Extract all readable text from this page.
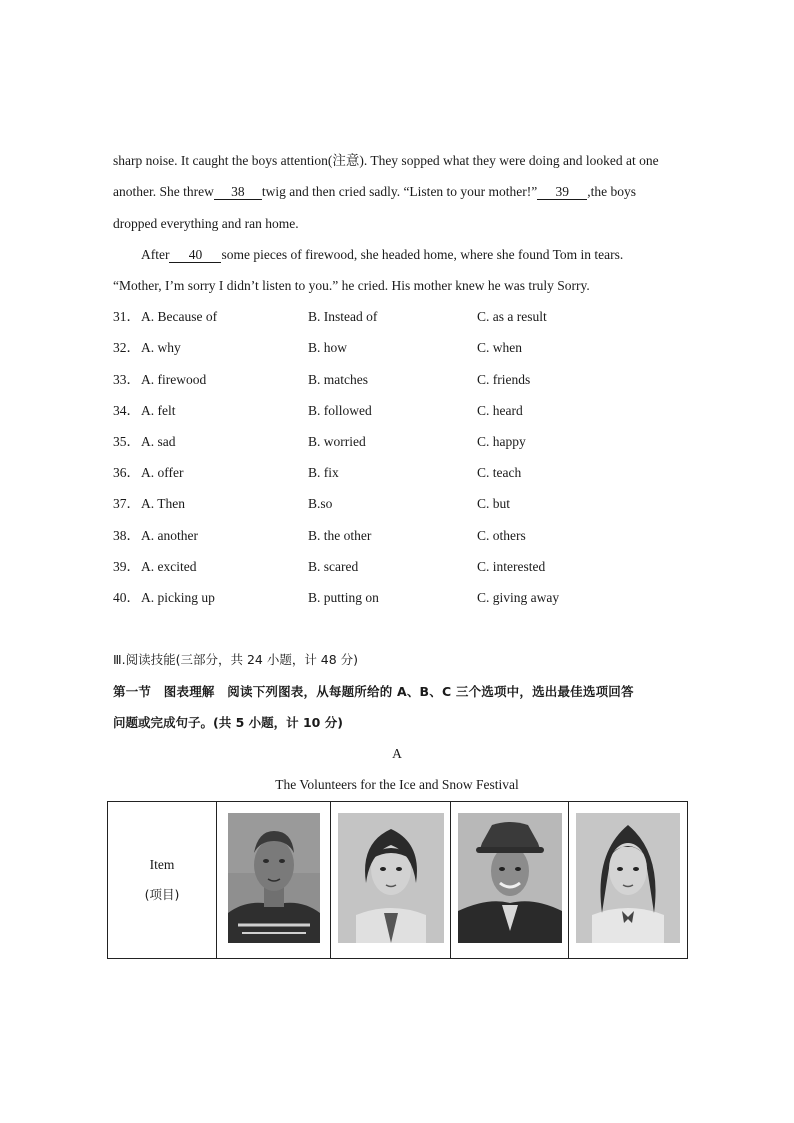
sharp noise. It caught the boys attention(注意). They sopped what they were doing and looked at one
another. She threw 38 twig and then cried sadly. “Listen to your mother!” 39 ,the boys
dropped everything and ran home.
After 40 some pieces of firewood, she headed home, where she found Tom in tears.
“Mother, I’m sorry I didn’t listen to you.” he cried. His mother knew he was truly Sorry.
31． A. Because of	B. Instead of	C. as a result
32． A. why	B. how	C. when
33． A. firewood	B. matches	C. friends
34． A. felt	B. followed	C. heard
35． A. sad	B. worried	C. happy
36． A. offer	B. fix	C. teach
37． A. Then	B.so	C. but
38． A. another	B. the other	C. others
39． A. excited	B. scared	C. interested
40． A. picking up	B. putting on	C. giving away
Ⅲ.阅读技能(三部分，共 24 小题，计 48 分)
第一节　图表理解　阅读下列图表，从每题所给的 A、B、C 三个选项中，选出最佳选项回答
问题或完成句子。(共 5 小题，计 10 分)
A
The Volunteers for the Ice and Snow Festival
Item
(项目)
